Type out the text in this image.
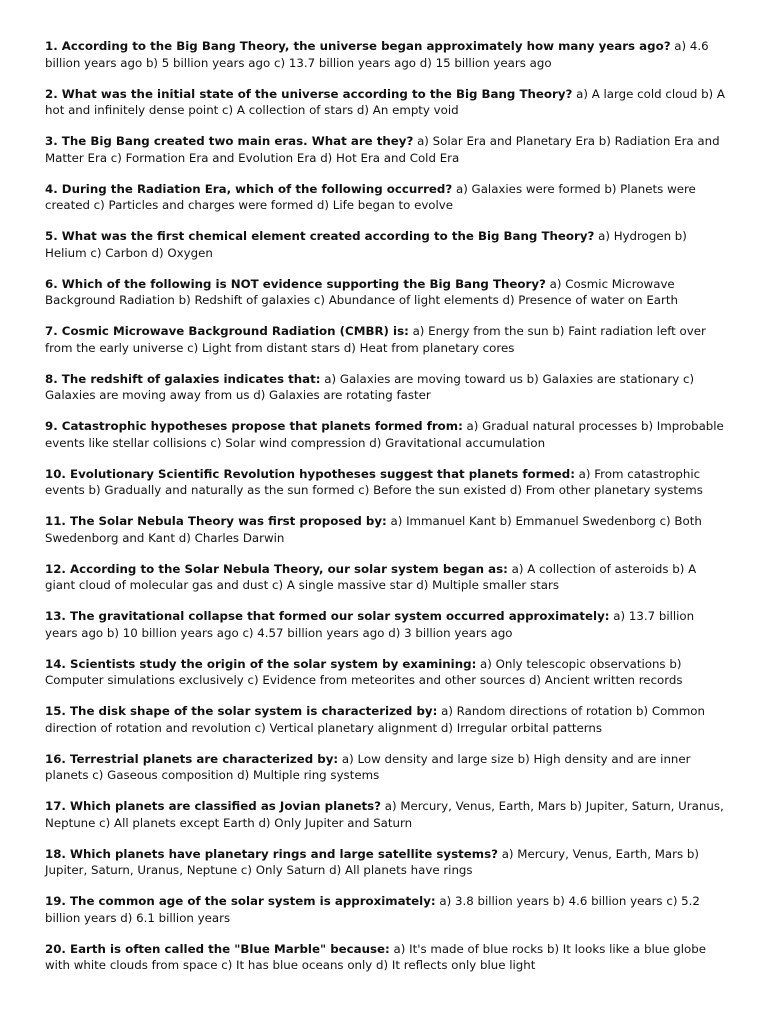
1. According to the Big Bang Theory, the universe began approximately how many years ago? a) 4.6 billion years ago b) 5 billion years ago c) 13.7 billion years ago d) 15 billion years ago

2. What was the initial state of the universe according to the Big Bang Theory? a) A large cold cloud b) A hot and infinitely dense point c) A collection of stars d) An empty void

3. The Big Bang created two main eras. What are they? a) Solar Era and Planetary Era b) Radiation Era and Matter Era c) Formation Era and Evolution Era d) Hot Era and Cold Era

4. During the Radiation Era, which of the following occurred? a) Galaxies were formed b) Planets were created c) Particles and charges were formed d) Life began to evolve

5. What was the first chemical element created according to the Big Bang Theory? a) Hydrogen b) Helium c) Carbon d) Oxygen

6. Which of the following is NOT evidence supporting the Big Bang Theory? a) Cosmic Microwave Background Radiation b) Redshift of galaxies c) Abundance of light elements d) Presence of water on Earth

7. Cosmic Microwave Background Radiation (CMBR) is: a) Energy from the sun b) Faint radiation left over from the early universe c) Light from distant stars d) Heat from planetary cores

8. The redshift of galaxies indicates that: a) Galaxies are moving toward us b) Galaxies are stationary c) Galaxies are moving away from us d) Galaxies are rotating faster

9. Catastrophic hypotheses propose that planets formed from: a) Gradual natural processes b) Improbable events like stellar collisions c) Solar wind compression d) Gravitational accumulation

10. Evolutionary Scientific Revolution hypotheses suggest that planets formed: a) From catastrophic events b) Gradually and naturally as the sun formed c) Before the sun existed d) From other planetary systems

11. The Solar Nebula Theory was first proposed by: a) Immanuel Kant b) Emmanuel Swedenborg c) Both Swedenborg and Kant d) Charles Darwin

12. According to the Solar Nebula Theory, our solar system began as: a) A collection of asteroids b) A giant cloud of molecular gas and dust c) A single massive star d) Multiple smaller stars

13. The gravitational collapse that formed our solar system occurred approximately: a) 13.7 billion years ago b) 10 billion years ago c) 4.57 billion years ago d) 3 billion years ago

14. Scientists study the origin of the solar system by examining: a) Only telescopic observations b) Computer simulations exclusively c) Evidence from meteorites and other sources d) Ancient written records

15. The disk shape of the solar system is characterized by: a) Random directions of rotation b) Common direction of rotation and revolution c) Vertical planetary alignment d) Irregular orbital patterns

16. Terrestrial planets are characterized by: a) Low density and large size b) High density and are inner planets c) Gaseous composition d) Multiple ring systems

17. Which planets are classified as Jovian planets? a) Mercury, Venus, Earth, Mars b) Jupiter, Saturn, Uranus, Neptune c) All planets except Earth d) Only Jupiter and Saturn

18. Which planets have planetary rings and large satellite systems? a) Mercury, Venus, Earth, Mars b) Jupiter, Saturn, Uranus, Neptune c) Only Saturn d) All planets have rings

19. The common age of the solar system is approximately: a) 3.8 billion years b) 4.6 billion years c) 5.2 billion years d) 6.1 billion years

20. Earth is often called the "Blue Marble" because: a) It's made of blue rocks b) It looks like a blue globe with white clouds from space c) It has blue oceans only d) It reflects only blue light
